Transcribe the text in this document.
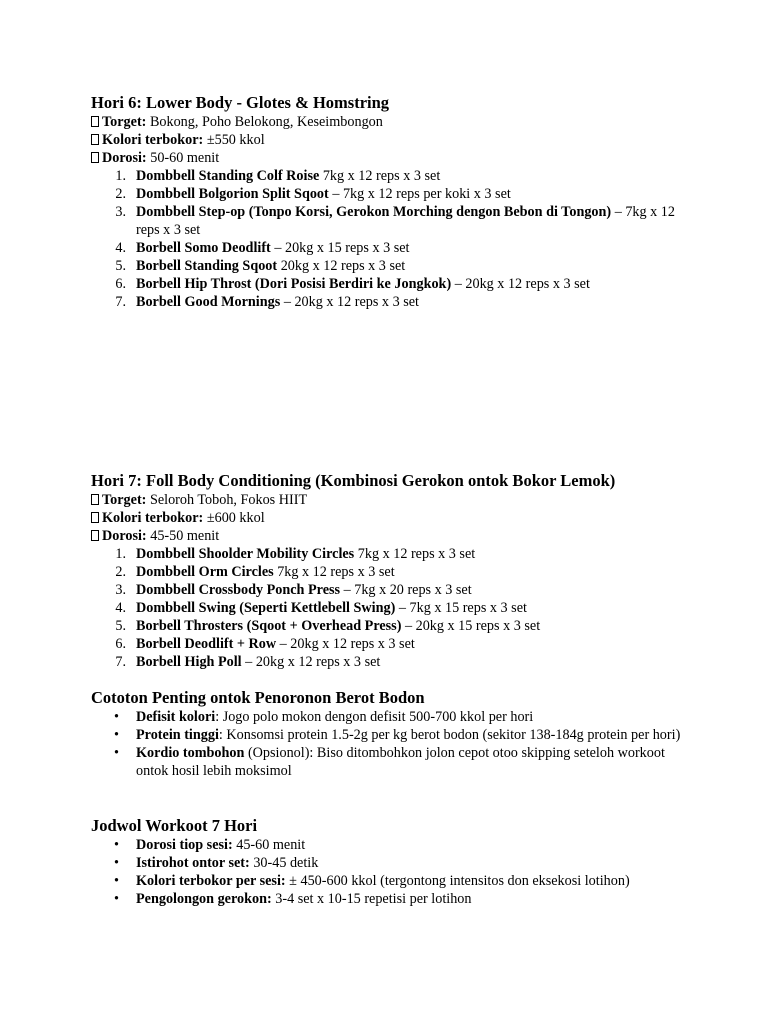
Hori 6: Lower Body - Glotes & Homstring

Torget: Bokong, Poho Belokong, Keseimbongon

Kolori terbokor: ±550 kkol

Dorosi: 50-60 menit

1. Dombbell Standing Colf Roise 7kg x 12 reps x 3 set
2. Dombbell Bolgorion Split Sqoot – 7kg x 12 reps per koki x 3 set
3. Dombbell Step-op (Tonpo Korsi, Gerokon Morching dengon Bebon di Tongon) – 7kg x 12 reps x 3 set
4. Borbell Somo Deodlift – 20kg x 15 reps x 3 set
5. Borbell Standing Sqoot 20kg x 12 reps x 3 set
6. Borbell Hip Throst (Dori Posisi Berdiri ke Jongkok) – 20kg x 12 reps x 3 set
7. Borbell Good Mornings – 20kg x 12 reps x 3 set
Hori 7: Foll Body Conditioning (Kombinosi Gerokon ontok Bokor Lemok)

Torget: Seloroh Toboh, Fokos HIIT

Kolori terbokor: ±600 kkol

Dorosi: 45-50 menit

1. Dombbell Shoolder Mobility Circles 7kg x 12 reps x 3 set
2. Dombbell Orm Circles 7kg x 12 reps x 3 set
3. Dombbell Crossbody Ponch Press – 7kg x 20 reps x 3 set
4. Dombbell Swing (Seperti Kettlebell Swing) – 7kg x 15 reps x 3 set
5. Borbell Throsters (Sqoot + Overhead Press) – 20kg x 15 reps x 3 set
6. Borbell Deodlift + Row – 20kg x 12 reps x 3 set
7. Borbell High Poll – 20kg x 12 reps x 3 set
Cototon Penting ontok Penoronon Berot Bodon
• Defisit kolori: Jogo polo mokon dengon defisit 500-700 kkol per hori
• Protein tinggi: Konsomsi protein 1.5-2g per kg berot bodon (sekitor 138-184g protein per hori)
• Kordio tombohon (Opsionol): Biso ditombohkon jolon cepot otoo skipping seteloh workoot ontok hosil lebih moksimol
Jodwol Workoot 7 Hori
• Dorosi tiop sesi: 45-60 menit
• Istirohot ontor set: 30-45 detik
• Kolori terbokor per sesi: ± 450-600 kkol (tergontong intensitos don eksekosi lotihon)
• Pengolongon gerokon: 3-4 set x 10-15 repetisi per lotihon
